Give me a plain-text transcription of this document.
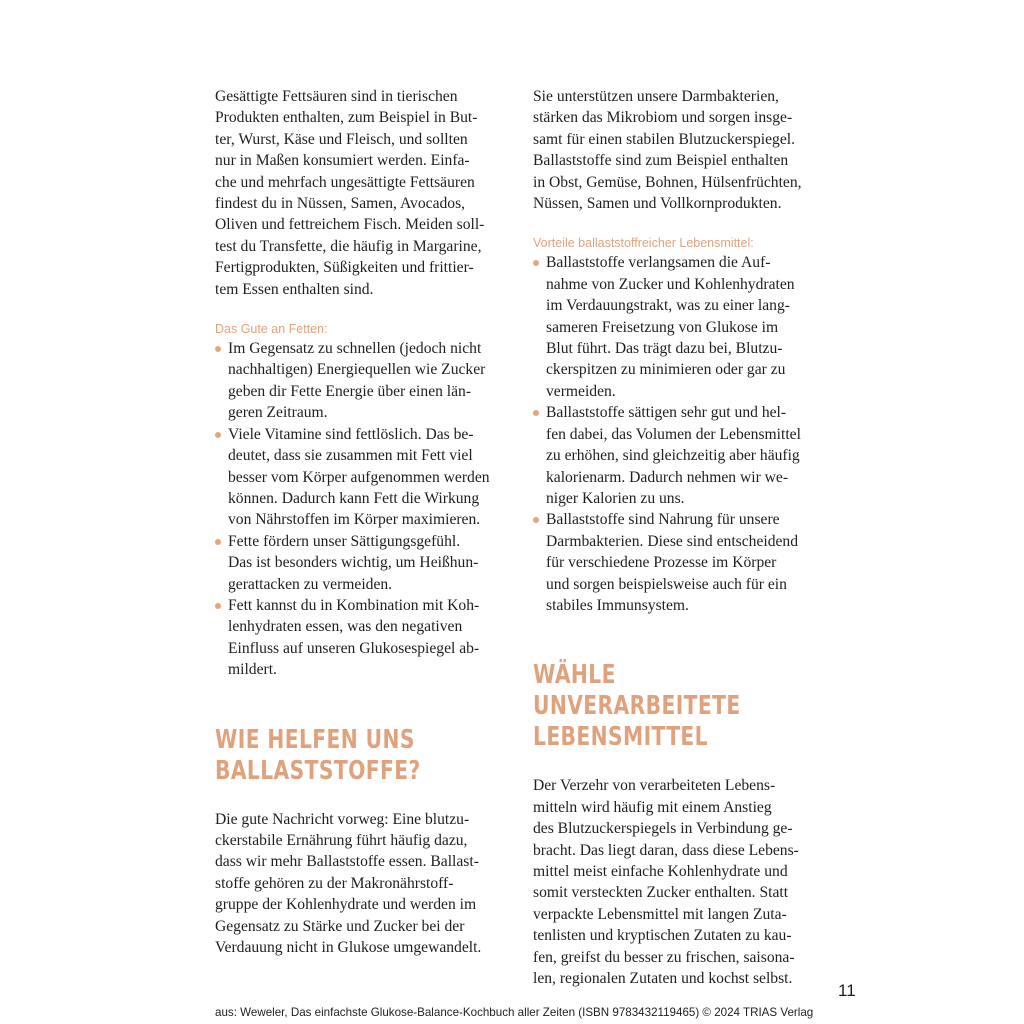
Gesättigte Fettsäuren sind in tierischen
Produkten enthalten, zum Beispiel in But-
ter, Wurst, Käse und Fleisch, und sollten
nur in Maßen konsumiert werden. Einfa-
che und mehrfach ungesättigte Fettsäuren
findest du in Nüssen, Samen, Avocados,
Oliven und fettreichem Fisch. Meiden soll-
test du Transfette, die häufig in Margarine,
Fertigprodukten, Süßigkeiten und frittier-
tem Essen enthalten sind.

Das Gute an Fetten:

Im Gegensatz zu schnellen (jedoch nicht
nachhaltigen) Energiequellen wie Zucker
geben dir Fette Energie über einen län-
geren Zeitraum.
Viele Vitamine sind fettlöslich. Das be-
deutet, dass sie zusammen mit Fett viel
besser vom Körper aufgenommen werden
können. Dadurch kann Fett die Wirkung
von Nährstoffen im Körper maximieren.
Fette fördern unser Sättigungsgefühl.
Das ist besonders wichtig, um Heißhun-
gerattacken zu vermeiden.
Fett kannst du in Kombination mit Koh-
lenhydraten essen, was den negativen
Einfluss auf unseren Glukosespiegel ab-
mildert.
WIE HELFEN UNS
BALLASTSTOFFE?

Die gute Nachricht vorweg: Eine blutzu-
ckerstabile Ernährung führt häufig dazu,
dass wir mehr Ballaststoffe essen. Ballast-
stoffe gehören zu der Makronährstoff-
gruppe der Kohlenhydrate und werden im
Gegensatz zu Stärke und Zucker bei der
Verdauung nicht in Glukose umgewandelt.

Sie unterstützen unsere Darmbakterien,
stärken das Mikrobiom und sorgen insge-
samt für einen stabilen Blutzuckerspiegel.
Ballaststoffe sind zum Beispiel enthalten
in Obst, Gemüse, Bohnen, Hülsenfrüchten,
Nüssen, Samen und Vollkornprodukten.

Vorteile ballaststoffreicher Lebensmittel:

Ballaststoffe verlangsamen die Auf-
nahme von Zucker und Kohlenhydraten
im Verdauungstrakt, was zu einer lang-
sameren Freisetzung von Glukose im
Blut führt. Das trägt dazu bei, Blutzu-
ckerspitzen zu minimieren oder gar zu
vermeiden.
Ballaststoffe sättigen sehr gut und hel-
fen dabei, das Volumen der Lebensmittel
zu erhöhen, sind gleichzeitig aber häufig
kalorienarm. Dadurch nehmen wir we-
niger Kalorien zu uns.
Ballaststoffe sind Nahrung für unsere
Darmbakterien. Diese sind entscheidend
für verschiedene Prozesse im Körper
und sorgen beispielsweise auch für ein
stabiles Immunsystem.
WÄHLE UNVERARBEITETE
LEBENSMITTEL

Der Verzehr von verarbeiteten Lebens-
mitteln wird häufig mit einem Anstieg
des Blutzuckerspiegels in Verbindung ge-
bracht. Das liegt daran, dass diese Lebens-
mittel meist einfache Kohlenhydrate und
somit versteckten Zucker enthalten. Statt
verpackte Lebensmittel mit langen Zuta-
tenlisten und kryptischen Zutaten zu kau-
fen, greifst du besser zu frischen, saisona-
len, regionalen Zutaten und kochst selbst.

11
aus: Weweler, Das einfachste Glukose-Balance-Kochbuch aller Zeiten (ISBN 9783432119465) © 2024 TRIAS Verlag
